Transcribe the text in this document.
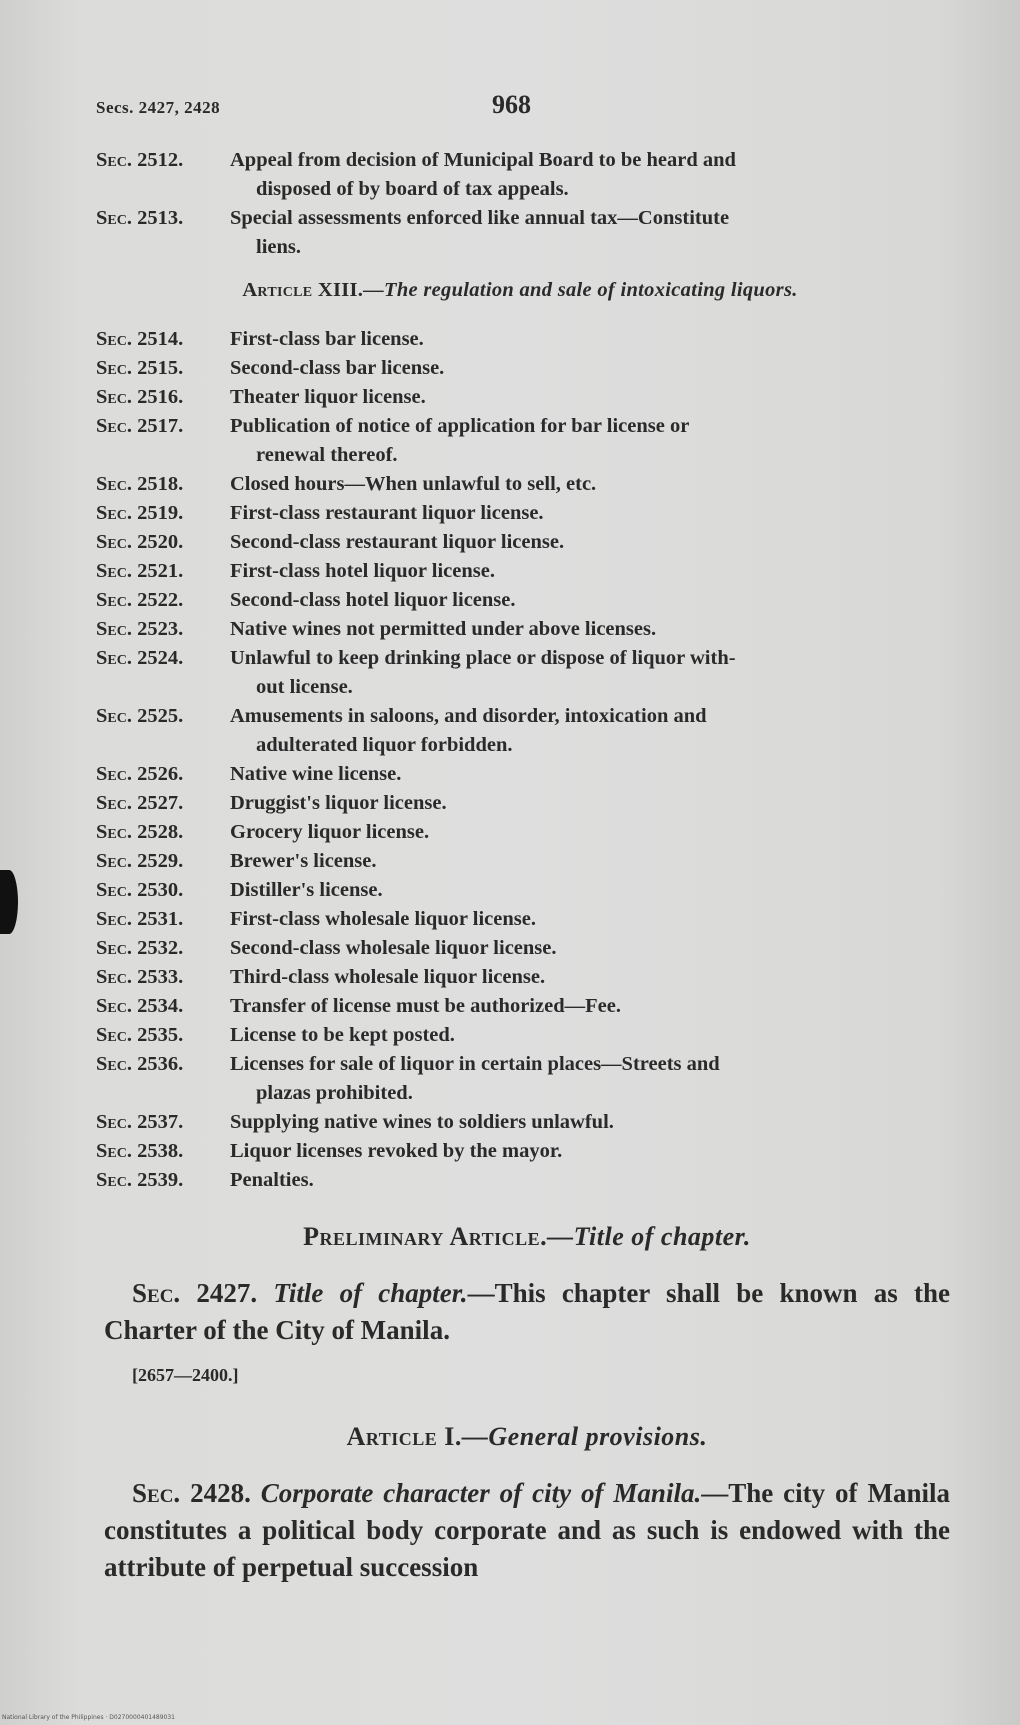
Secs. 2427, 2428	968
Sec. 2512.	Appeal from decision of Municipal Board to be heard and
disposed of by board of tax appeals.
Sec. 2513.	Special assessments enforced like annual tax—Constitute
liens.
Article XIII.—The regulation and sale of intoxicating liquors.
Sec. 2514.	First-class bar license.
Sec. 2515.	Second-class bar license.
Sec. 2516.	Theater liquor license.
Sec. 2517.	Publication of notice of application for bar license or
renewal thereof.
Sec. 2518.	Closed hours—When unlawful to sell, etc.
Sec. 2519.	First-class restaurant liquor license.
Sec. 2520.	Second-class restaurant liquor license.
Sec. 2521.	First-class hotel liquor license.
Sec. 2522.	Second-class hotel liquor license.
Sec. 2523.	Native wines not permitted under above licenses.
Sec. 2524.	Unlawful to keep drinking place or dispose of liquor with-
out license.
Sec. 2525.	Amusements in saloons, and disorder, intoxication and
adulterated liquor forbidden.
Sec. 2526.	Native wine license.
Sec. 2527.	Druggist's liquor license.
Sec. 2528.	Grocery liquor license.
Sec. 2529.	Brewer's license.
Sec. 2530.	Distiller's license.
Sec. 2531.	First-class wholesale liquor license.
Sec. 2532.	Second-class wholesale liquor license.
Sec. 2533.	Third-class wholesale liquor license.
Sec. 2534.	Transfer of license must be authorized—Fee.
Sec. 2535.	License to be kept posted.
Sec. 2536.	Licenses for sale of liquor in certain places—Streets and
plazas prohibited.
Sec. 2537.	Supplying native wines to soldiers unlawful.
Sec. 2538.	Liquor licenses revoked by the mayor.
Sec. 2539.	Penalties.
Preliminary Article.—Title of chapter.

Sec. 2427. Title of chapter.—This chapter shall be known as the Charter of the City of Manila.

[2657—2400.]
Article I.—General provisions.

Sec. 2428. Corporate character of city of Manila.—The city of Manila constitutes a political body corporate and as such is endowed with the attribute of perpetual succession

National Library of the Philippines · D0270000401489031
